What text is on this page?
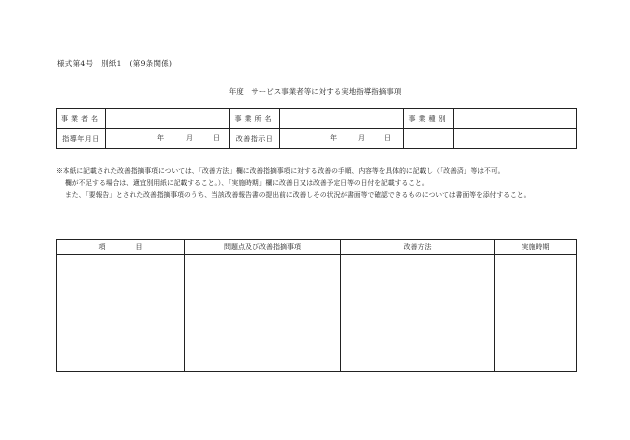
様式第4号　別紙1　(第9条関係)
年度　サービス事業者等に対する実地指導指摘事項
事業者名		事業所名		事業種別	
指導年月日	年 月 日	改善指示日	年 月 日		

※本紙に記載された改善指摘事項については、「改善方法」欄に改善指摘事項に対する改善の手順、内容等を具体的に記載し（「改善済」等は不可。

欄が不足する場合は、適宜別用紙に記載すること。）、「実施時期」欄に改善日又は改善予定日等の日付を記載すること。

また、「要報告」とされた改善指摘事項のうち、当該改善報告書の提出前に改善しその状況が書面等で確認できるものについては書面等を添付すること。

項 目	問題点及び改善指摘事項	改善方法	実施時期
